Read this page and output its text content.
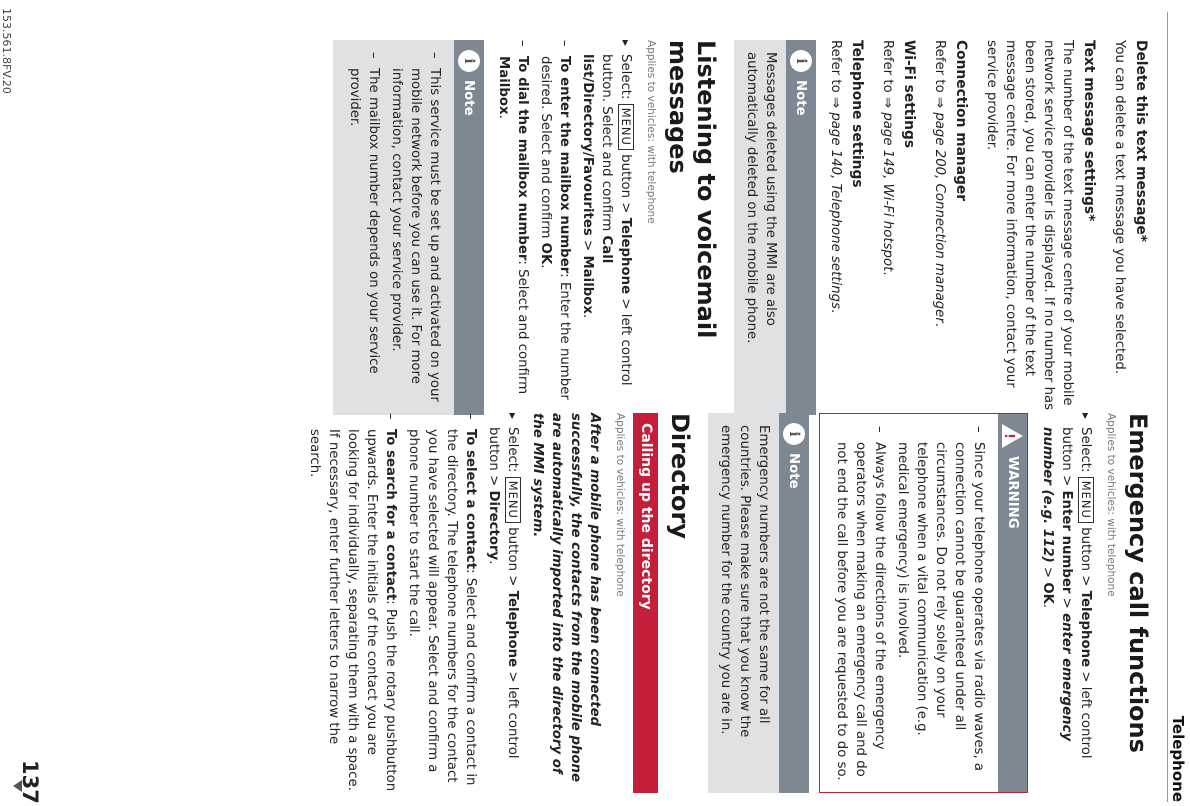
153.561.8FV.20
137	Telephone
Delete this text message*

You can delete a text message you have selected.

Text message settings*

The number of the text message centre of your mobile network service provider is displayed. If no number has been stored, you can enter the number of the text message centre. For more information, contact your service provider.

Connection manager

Refer to ⇒ page 200, Connection manager.

Wi-Fi settings

Refer to ⇒ page 149, Wi-Fi hotspot.

Telephone settings

Refer to ⇒ page 140, Telephone settings.

i
Note
Messages deleted using the MMI are also automatically deleted on the mobile phone.
Listening to voicemail messages
Applies to vehicles: with telephone

▸ Select: MENU button > Telephone > left control button. Select and confirm Call list/Directory/Favourites > Mailbox.

– To enter the mailbox number: Enter the number desired. Select and confirm OK.

– To dial the mailbox number: Select and confirm Mailbox.

i
Note

– This service must be set up and activated on your mobile network before you can use it. For more information, contact your service provider.

– The mailbox number depends on your service provider.

Emergency call functions
Applies to vehicles: with telephone

▸ Select: MENU button > Telephone > left control button > Enter number > enter emergency number (e.g. 112) > OK.

!
WARNING

– Since your telephone operates via radio waves, a connection cannot be guaranteed under all circumstances. Do not rely solely on your telephone when a vital communication (e.g. medical emergency) is involved.

– Always follow the directions of the emergency operators when making an emergency call and do not end the call before you are requested to do so.

i
Note
Emergency numbers are not the same for all countries. Please make sure that you know the emergency number for the country you are in.
Directory
Calling up the directory
Applies to vehicles: with telephone

After a mobile phone has been connected successfully, the contacts from the mobile phone are automatically imported into the directory of the MMI system.

▸ Select: MENU button > Telephone > left control button > Directory.

– To select a contact: Select and confirm a contact in the directory. The telephone numbers for the contact you have selected will appear. Select and confirm a phone number to start the call.

– To search for a contact: Push the rotary pushbutton upwards. Enter the initials of the contact you are looking for individually, separating them with a space. If necessary, enter further letters to narrow the search.
